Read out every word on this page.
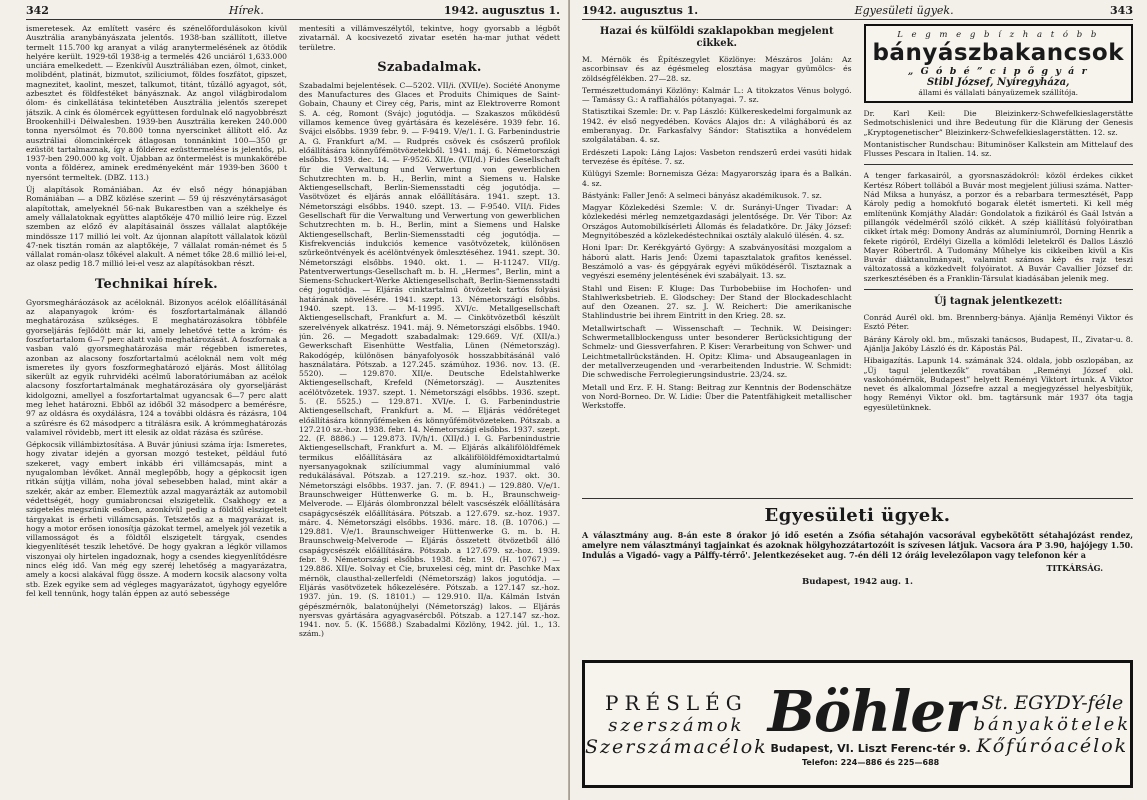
342	Hírek.	1942. augusztus 1.

ismeretesek. Az említett vasérc és szénelőfordulásokon kívül Ausztrália aranybányászata jelentős. 1938-ban szállított, illetve termelt 115.700 kg aranyat a világ aranytermelésének az ötödik helyére került. 1929-től 1938-ig a termelés 426 unciáról 1,633.000 unciára emelkedett. — Ezenkívül Ausztráliában ezen, ólmot, cinket, molibdént, platinát, bizmutot, sziliciumot, földes foszfátot, gipszet, magnezitet, kaolint, meszet, talkumot, titánt, tűzálló agyagot, sót, azbesztet és földfestéket bányásznak. Az angol világbirodalom ólom- és cinkellátása tekintetében Ausztrália jelentős szerepet játszik. A cink és ólomércek együttesen fordulnak elő nagyobbrészt Brookenhill-i Délwalesben. 1939-ben Ausztrália kereken 240.000 tonna nyersólmot és 70.800 tonna nyerscinket állított elő. Az ausztráliai ólomcinkércek átlagosan tonnánkint 100—350 gr ezüstöt tartalmaznak, így a földérez ezüsttermelése is jelentős, pl. 1937-ben 290.000 kg volt. Újabban az öntermelést is munkakörébe vonta a földérez, aminek eredményeként már 1939-ben 3600 t nyersónt termeltek. (DBZ. 113.)

Új alapítások Romániában. Az év első négy hónapjában Romániában — a DBZ közlése szerint — 59 új részvénytársaságot alapítottak, amelyeknél 56-nak Bukarestben van a székhelye és amely vállalatoknak együttes alaptőkéje 470 millió leire rúg. Ezzel szemben az előző év alapításainál összes vállalat alaptőkéje mindössze 117 millió lei volt. Az újonnan alapított vállalatok közül 47-nek tisztán román az alaptőkéje, 7 vállalat román-német és 5 vállalat román-olasz tőkével alakult. A német tőke 28.6 millió lei-el, az olasz pedig 18.7 millió lei-el vesz az alapításokban részt.

Technikai hírek.

Gyorsmegháráozások az acéloknál. Bizonyos acélok előállításánál az alapanyagok króm- és foszfortartalmának állandó meghatározása szükséges. E meghatározásokra többféle gyorseljárás fejlődött már ki, amely lehetővé tette a króm- és foszfortartalom 6—7 perc alatt való meghatározását. A foszfornak a vasban való gyorsmeghatározása már régebben ismeretes, azonban az alacsony foszfortartalmú acéloknál nem volt még ismeretes ily gyors foszformeghatározó eljárás. Most állítólag sikerült az egyik ruhrvidéki acélmű laboratóriumában az acélok alacsony foszfortartalmának meghatározására oly gyorseljárást kidolgozni, amellyel a foszfortartalmat ugyancsak 6—7 perc alatt meg lehet határozni. Ebből az időből 32 másodperc a bemérésre, 97 az oldásra és oxydálásra, 124 a további oldásra és rázásra, 104 a szűrésre és 62 másodperc a titrálásra esik. A krómmeghatározás valamivel rövidebb, mert itt elesik az oldat rázása és szűrése.

Gépkocsik villámbiztosítása. A Buvár júniusi száma írja: Ismeretes, hogy zivatar idején a gyorsan mozgó testeket, például futó szekeret, vagy embert inkább éri villámcsapás, mint a nyugalomban lévőket. Annál meglepőbb, hogy a gépkocsit igen ritkán sújtja villám, noha jóval sebesebben halad, mint akár a szekér, akár az ember. Elemeztük azzal magyarázták az automobil védettségét, hogy gumiabroncsai elszigetelik. Csakhogy ez a szigetelés megszűnik esőben, azonkívül pedig a földtől elszigetelt tárgyakat is érheti villámcsapás. Tetszetős az a magyarázat is, hogy a motor erősen ionosítja gázokat termel, amelyek jól vezetik a villamosságot és a földtől elszigetelt tárgyak, csendes kiegyenlítését teszik lehetővé. De hogy gyakran a légkör villamos viszonyai oly hirtelen ingadoznak, hogy a csendes kiegyenlítődésre nincs elég idő. Van még egy szeréj lehetőség a magyarázatra, amely a kocsi alakával függ össze. A modern kocsik alacsony volta stb. Ezek egyike sem ad végleges magyarázatot, úgyhogy egyelőre fel kell tennünk, hogy talán éppen az autó sebessége

mentesíti a villámveszélytől, tekintve, hogy gyorsabb a légbőt zivatarnál. A kocsivezető zivatar esetén ha-mar juthat védett területre.

Szabadalmak.

Szabadalmi bejelentések. C—5202. VII/i. (XVII/e). Société Anonyme des Manufactures des Glaces et Produits Chimiques de Saint-Gobain, Chauny et Cirey cég, Paris, mint az Elektroverre Romont S. A. cég, Romont (Svájc) jogutódja. — Szakaszos működésű villamos kemence üveg gyártására és kezelésére. 1939 febr. 16. Svájci elsőbbs. 1939 febr. 9. — F-9419. V/e/1. I. G. Farbenindustrie A. G. Frankfurt a/M. — Rudprés csövek és csőszerű profilok előállítására könnyűfémötvözetekből. 1941. máj. 6. Németországi elsőbbs. 1939. dec. 14. — F-9526. XII/e. (VII/d.) Fides Gesellschaft für die Verwaltung und Verwertung von gewerblichen Schutzrechten m. b. H., Berlin, mint a Siemens u. Halske Aktiengesellschaft, Berlin-Siemensstadti cég jogutódja. — Vasötvözet és eljárás annak előállítására. 1941. szept. 13. Németországi elsőbbs. 1940. szept. 13. — F-9540. VII/i. Fides Gesellschaft für die Verwaltung und Verwertung von gewerblichen Schutzrechten m. b. H., Berlin, mint a Siemens und Halske Aktiengesellschaft, Berlin-Siemensstadti cég jogutódja. — Kisfrekvenciás indukciós kemence vasötvözetek, különösen szürkeöntvények és acélöntvények ömlesztéséhez. 1941. szept. 30. Németországi elsőbbs. 1940. okt. 1. — H-11247. VII/g. Patentverwertungs-Gesellschaft m. b. H. „Hermes”, Berlin, mint a Siemens-Schuckert-Werke Aktiengesellschaft, Berlin-Siemensstadti cég jogutódja. — Eljárás cinktartalmú ötvözetek tartós folyási határának növelésére. 1941. szept. 13. Németországi elsőbbs. 1940. szept. 13. — M-11995. XVI/c. Metallgesellschaft Aktiengesellschaft, Frankfurt a. M. — Cinkötvözetből készült szerelvények alkatrész. 1941. máj. 9. Németországi elsőbbs. 1940. jún. 26. — Megadott szabadalmak: 129.669. V/f. (XII/a.) Gewerkschaft Eisenhütte Westfalia, Lünen (Németország). Rakodógép, különösen bányafolyosók hosszabbításánál való használatára. Pótszab. a 127.245. számúhoz. 1936. nov. 13. (E. 5520). — 129.870. XII/e. Deutsche Edelstahlwerke Aktiengesellschaft, Krefeld (Németország). — Ausztenites acélötvözetek. 1937. szept. 1. Németországi elsőbbs. 1936. szept. 5. (E. 5525.) — 129.871. XVI/e. I. G. Farbenindustrie Aktiengesellschaft, Frankfurt a. M. — Eljárás védőréteget előállítására könnyűfémeken és könnyűfémötvözeteken. Pótszab. a 127.210 sz.-hoz. 1938. febr. 14. Németországi elsőbbs. 1937. szept. 22. (F. 8886.) — 129.873. IV/h/1. (XII/d.) I. G. Farbenindustrie Aktiengesellschaft, Frankfurt a. M. — Eljárás alkálifölöldfémek termikus előállítására az alkálifölöldfémoxidtartalmú nyersanyagoknak szilíciummal vagy alumíniummal való redukálásával. Pótszab. a 127.219. sz.-hoz. 1937. okt. 30. Németországi elsőbbs. 1937. jan. 7. (F. 8941.) — 129.880. V/e/1. Braunschweiger Hüttenwerke G. m. b. H., Braunschweig-Melverode. — Eljárás ólombronzzal bélelt vascsészék előállítására csapágycsészék előállítására. Pótszab. a 127.679. sz.-hoz. 1937. márc. 4. Németországi elsőbbs. 1936. márc. 18. (B. 10706.) — 129.881. V/e/1. Braunschweiger Hüttenwerke G. m. b. H. Braunschweig-Melverode — Eljárás összetett ötvözetből álló csapágycsészék előállítására. Pótszab. a 127.679. sz.-hoz. 1939. febr. 9. Németországi elsőbbs. 1938. febr. 19. (H. 10767.) — 129.886. XII/e. Solvay et Cie, bruxelesi cég, mint dr. Paschke Max mérnök, clausthal-zellerfeldi (Németország) lakos jogutódja. — Eljárás vasötvözetek hőkezelésére. Pótszab. a 127.147 sz.-hoz. 1937. jún. 19. (S. 18101.) — 129.910. II/a. Kálmán István gépészmérnök, balatonújhelyi (Németország) lakos. — Eljárás nyersvas gyártására agyagvasércből. Pótszab. a 127.147 sz.-hoz. 1941. nov. 5. (K. 15688.) Szabadalmi Közlöny, 1942. júl. 1., 13. szám.)

1942. augusztus 1.	Egyesületi ügyek.	343
Hazai és külföldi szaklapokban megjelent cikkek.

M. Mérnök és Építészegylet Közlönye: Mészáros Jolán: Az ascorbinsav és az égésmeleg elosztása magyar gyümölcs- és zöldségfélékben. 27—28. sz.

Természettudományi Közlöny: Kalmár L.: A titokzatos Vénus bolygó. — Tamássy G.: A raffiahálós pótanyagai. 7. sz.

Statisztikai Szemle: Dr. v. Pap László: Külkereskedelmi forgalmunk az 1942. év első negyedében. Kovács Alajos dr.: A világháború és az emberanyag. Dr. Farkasfalvy Sándor: Statisztika a honvédelem szolgálatában. 4. sz.

Erdészeti Lapok: Láng Lajos: Vasbeton rendszerű erdei vasúti hidak tervezése és építése. 7. sz.

Külügyi Szemle: Bornemisza Géza: Magyarország ipara és a Balkán. 4. sz.

Bástyánk: Faller Jenő: A selmeci bányász akadémikusok. 7. sz.

Magyar Közlekedési Szemle: V. dr. Surányi-Unger Tivadar: A közlekedési mérleg nemzetgazdasági jelentősége. Dr. Vér Tibor: Az Országos Automobilkísérleti Állomás és feladatköre. Dr. Jáky József: Megnyitóbeszéd a közlekedéstechnikai osztály alakuló ülésén. 4. sz.

Honi Ipar: Dr. Kerékgyártó György: A szabványosítási mozgalom a háború alatt. Haris Jenő: Üzemi tapasztalatok grafitos kenéssel. Beszámoló a vas- és gépgyárak egyévi működéséről. Tisztaznak a vegyészi esemény jelentésének évi szabályait. 13. sz.

Stahl und Eisen: F. Kluge: Das Turbobebiise im Hochofen- und Stahlwerksbetrieb. E. Glodschey: Der Stand der Blockadeschlacht auf den Ozeanen. 27. sz. J. W. Reichert: Die amerikanische Stahlindustrie bei ihrem Eintritt in den Krieg. 28. sz.

Metallwirtschaft — Wissenschaft — Technik. W. Deisinger: Schwermetallblockenguss unter besonderer Berücksichtigung der Schmelz- und Giessverfahren. P. Kiser: Verarbeitung von Schwer- und Leichtmetallrückständen. H. Opitz: Klima- und Absaugeanlagen in der metallverzeugenden und -verarbeitenden Industrie. W. Schmidt: Die schwedische Ferrolegierungsindustrie. 23/24. sz.

Metall und Erz. F. H. Stang: Beitrag zur Kenntnis der Bodenschätze von Nord-Borneo. Dr. W. Lidie: Über die Patentfähigkeit metallischer Werkstoffe.

L e g m e g b í z h a t ó b b
bányászbakancsok
„ G ó b é ” c i p ő g y á r
Stibl József, Nyíregyháza,
állami és vállalati bányaüzemek szállítója.

Dr. Karl Keil: Die Bleizinkerz-Schwefelkieslagerstätte Sedmotschislenici und ihre Bedeutung für die Klärung der Genesis „Kryptogenetischer” Bleizinkerz-Schwefelkieslagerstätten. 12. sz.

Montanistischer Rundschau: Bituminöser Kalkstein am Mittelauf des Flusses Pescara in Italien. 14. sz.

A tenger farkasairól, a gyorsnaszádokról: közöl érdekes cikket Kertész Róbert tollából a Buvár most megjelent júliusi száma. Natter-Nád Miksa a hunyász, a porzor és a rebarbara termesztését, Papp Károly pedig a homokfutó bogarak életét ismerteti. Ki kell még említenünk Komjáthy Aladár: Gondolatok a fizikáról és Gaál István a pillangók védelméről szóló cikkét. A szép kiállítású folyóiratban cikket írtak még: Domony András az alumíniumról, Dorning Henrik a fekete rigóról, Erdélyi Gizella a kömlődi leletekről és Dallos László Mayer Róbertről. A Tudomány Műhelye kis cikkeiben kivül a Kis Buvár diáktanulmányait, valamint számos kép és rajz teszi változatossá a közkedvelt folyóiratot. A Buvár Cavallier József dr. szerkesztésében és a Franklin-Társulat kiadásában jelenik meg.

Új tagnak jelentkezett:

Conrád Aurél okl. bm. Brennberg-bánya. Ajánlja Reményi Viktor és Esztó Péter.

Bárány Károly okl. bm., műszaki tanácsos, Budapest, II., Zivatar-u. 8. Ajánlja Jakóby László és dr. Kápostás Pál.

Hibaigazítás. Lapunk 14. számának 324. oldala, jobb oszlopában, az „Új tagul jelentkezők” rovatában „Reményi József okl. vaskohómérnök, Budapest” helyett Reményi Viktort írtunk. A Viktor nevet és alkalommal Józsefre azzal a megjegyzéssel helyesbítjük, hogy Reményi Viktor okl. bm. tagtársunk már 1937 óta tagja egyesületünknek.

Egyesületi ügyek.

A választmány aug. 8-án este 8 órakor jó idő esetén a Zsófia sétahajón vacsorával egybekötött sétahajózást rendez, amelyre nem választmányi tagjainkat és azoknak hölgyhozzátartozóit is szívesen látjuk. Vacsora ára P 3.90, hajójegy 1.50. Indulás a Vigadó- vagy a Pálffy-térrő'. Jelentkezéseket aug. 7-én déli 12 óráig levelezőlapon vagy telefonon kér a

TITKÁRSÁG.
Budapest, 1942 aug. 1.
PRÉSLÉG
szerszámok
Szerszámacélok
Böhler
Budapest, VI. Liszt Ferenc-tér 9.
Telefon: 224—886 és 225—688
St. EGYDY-féle
bányakötelek
Kőfúróacélok
